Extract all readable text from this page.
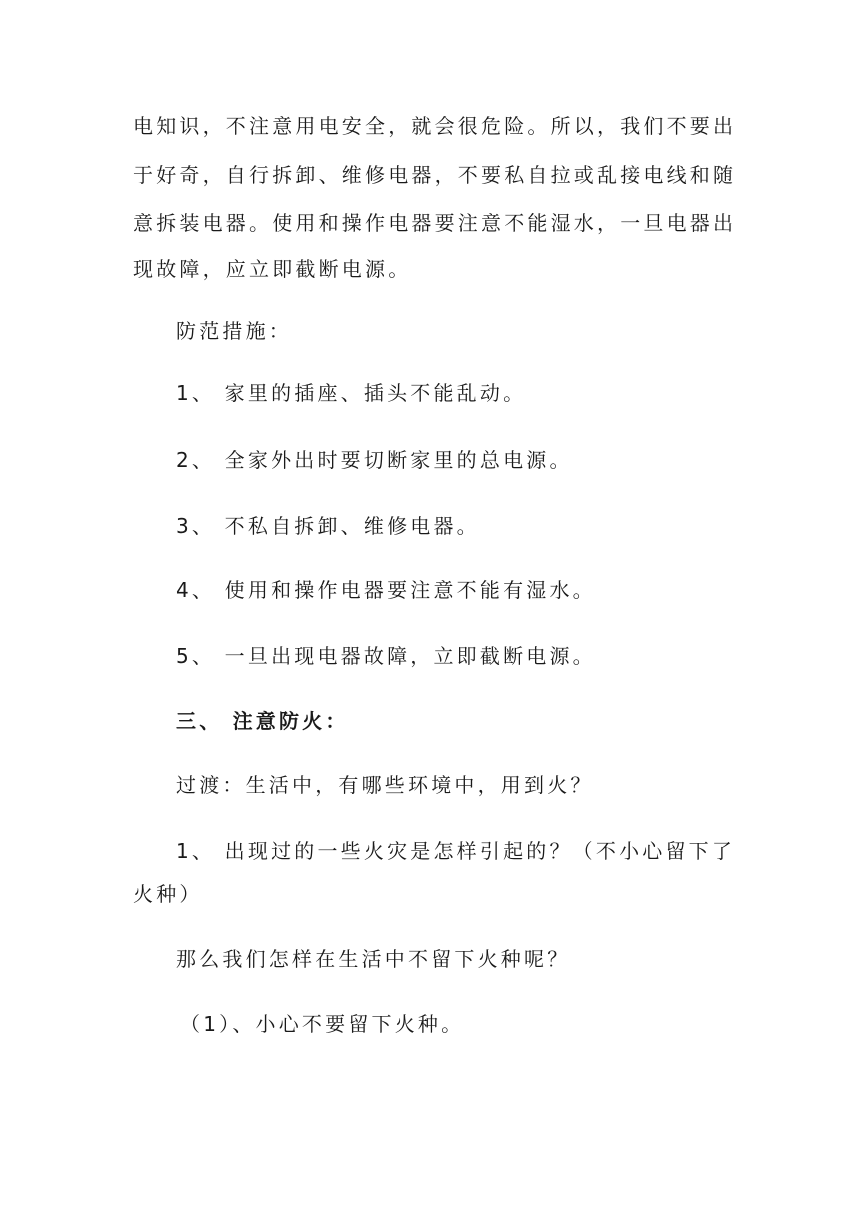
电知识，不注意用电安全，就会很危险。所以，我们不要出
于好奇，自行拆卸、维修电器，不要私自拉或乱接电线和随
意拆装电器。使用和操作电器要注意不能湿水，一旦电器出
现故障，应立即截断电源。
防范措施：
1、 家里的插座、插头不能乱动。
2、 全家外出时要切断家里的总电源。
3、 不私自拆卸、维修电器。
4、 使用和操作电器要注意不能有湿水。
5、 一旦出现电器故障，立即截断电源。
三、 注意防火：
过渡：生活中，有哪些环境中，用到火？
1、 出现过的一些火灾是怎样引起的？（不小心留下了
火种）
那么我们怎样在生活中不留下火种呢？
（1）、小心不要留下火种。
